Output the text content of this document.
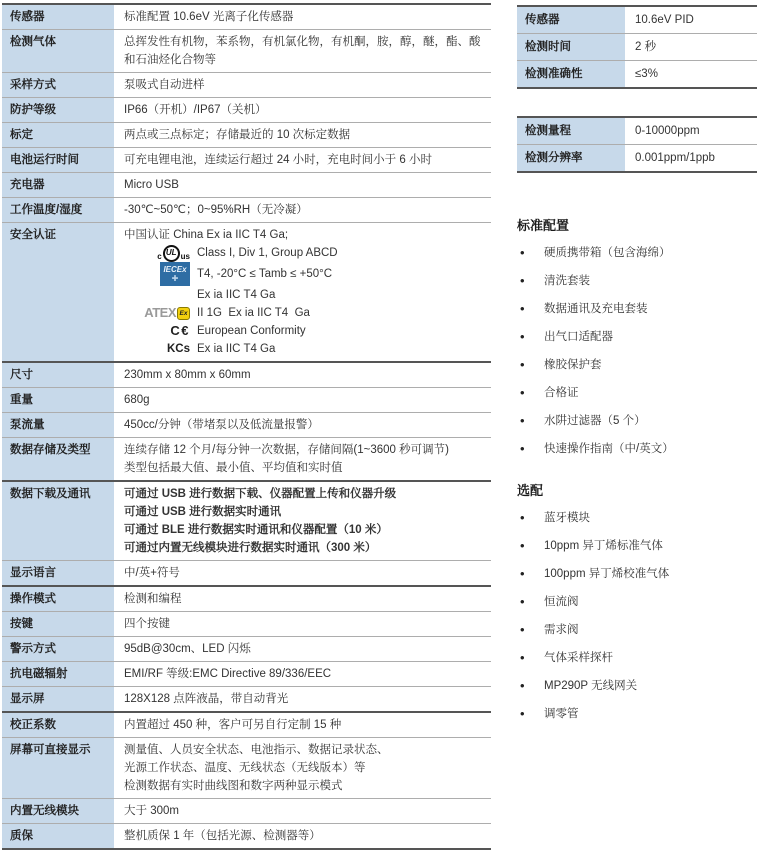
传感器	标准配置 10.6eV 光离子化传感器

检测气体	总挥发性有机物，苯系物，有机氯化物，有机酮，胺，醇，醚，酯、酸和石油烃化合物等

采样方式	泵吸式自动进样

防护等级	IP66（开机）/IP67（关机）

标定	两点或三点标定；存储最近的 10 次标定数据

电池运行时间	可充电锂电池，连续运行超过 24 小时，充电时间小于 6 小时

充电器	Micro USB

工作温度/湿度	-30℃~50℃；0~95%RH（无冷凝）

安全认证	中国认证 China Ex ia IIC T4 Ga;
c UL us Class I, Div 1, Group ABCD
IECEx
✚ T4, -20°C ≤ Tamb ≤ +50°C
Ex ia IIC T4 Ga
ATEX Ex II 1G  Ex ia IIC T4  Ga
C€ European Conformity
KCs Ex ia IIC T4 Ga

尺寸	230mm x 80mm x 60mm

重量	680g

泵流量	450cc/分钟（带堵泵以及低流量报警）

数据存储及类型	连续存储 12 个月/每分钟一次数据，存储间隔(1~3600 秒可调节)
类型包括最大值、最小值、平均值和实时值

数据下载及通讯	可通过 USB 进行数据下载、仪器配置上传和仪器升级
可通过 USB 进行数据实时通讯
可通过 BLE 进行数据实时通讯和仪器配置（10 米）
可通过内置无线模块进行数据实时通讯（300 米）

显示语言	中/英+符号

操作模式	检测和编程

按键	四个按键

警示方式	95dB@30cm、LED 闪烁

抗电磁辐射	EMI/RF 等级:EMC Directive 89/336/EEC

显示屏	128X128 点阵液晶，带自动背光

校正系数	内置超过 450 种，客户可另自行定制 15 种

屏幕可直接显示	测量值、人员安全状态、电池指示、数据记录状态、
光源工作状态、温度、无线状态（无线版本）等
检测数据有实时曲线图和数字两种显示模式

内置无线模块	大于 300m

质保	整机质保 1 年（包括光源、检测器等）
传感器	10.6eV PID
检测时间	2 秒
检测准确性	≤3%
检测量程	0-10000ppm
检测分辨率	0.001ppm/1ppb
标准配置
• 硬质携带箱（包含海绵）
• 清洗套装
• 数据通讯及充电套装
• 出气口适配器
• 橡胶保护套
• 合格证
• 水阱过滤器（5 个）
• 快速操作指南（中/英文）
选配
• 蓝牙模块
• 10ppm 异丁烯标准气体
• 100ppm 异丁烯校准气体
• 恒流阀
• 需求阀
• 气体采样探杆
• MP290P 无线网关
• 调零管
